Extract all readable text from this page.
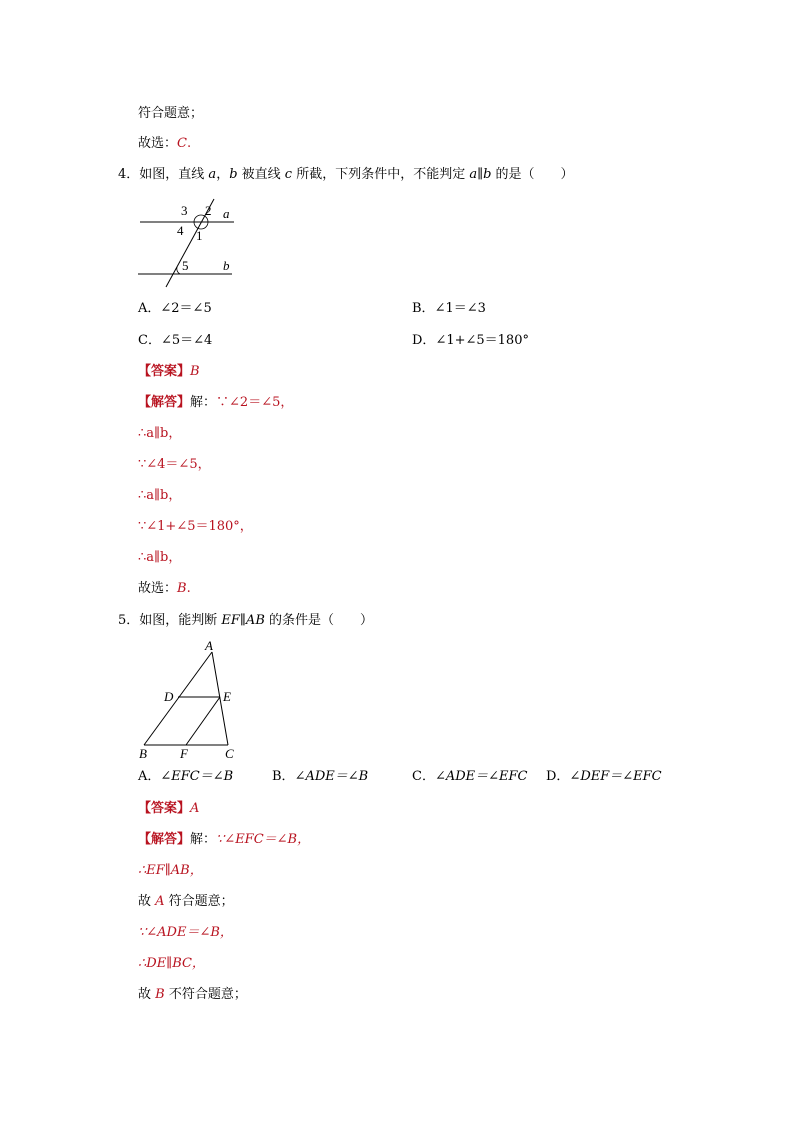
符合题意；
故选：C.
4．如图，直线 a，b 被直线 c 所截，下列条件中，不能判定 a∥b 的是（　　）
3 2 a
4 1
5	b
A．∠2＝∠5	B．∠1＝∠3
C．∠5＝∠4	D．∠1+∠5＝180°
【答案】B
【解答】解：∵∠2＝∠5，
∴a∥b，
∵∠4＝∠5，
∴a∥b，
∵∠1+∠5＝180°，
∴a∥b，
故选：B.
5．如图，能判断 EF∥AB 的条件是（　　）
A
D	E
B	F	C
A．∠EFC＝∠B	B．∠ADE＝∠B	C．∠ADE＝∠EFC D．∠DEF＝∠EFC
【答案】A
【解答】解：∵∠EFC＝∠B，
∴EF∥AB，
故 A 符合题意；
∵∠ADE＝∠B，
∴DE∥BC，
故 B 不符合题意；
